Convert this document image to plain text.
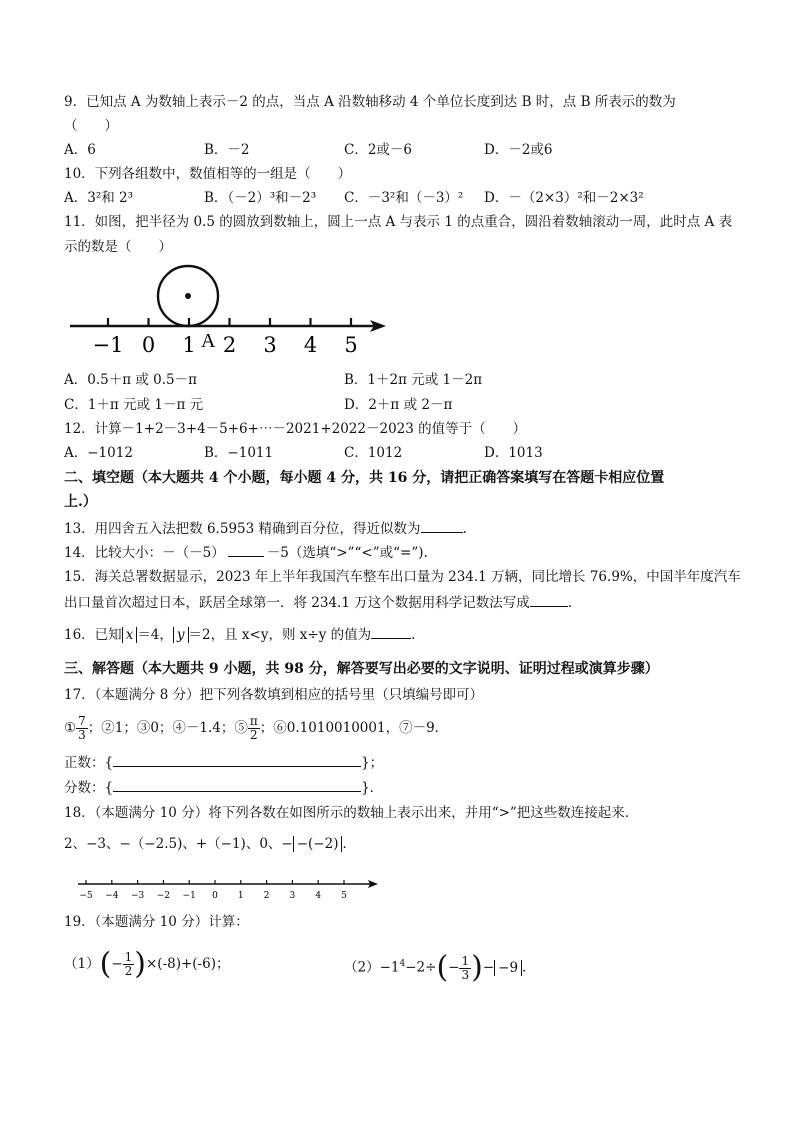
9．已知点 A 为数轴上表示－2 的点，当点 A 沿数轴移动 4 个单位长度到达 B 时，点 B 所表示的数为
（　　）
A．6	B．－2	C．2或－6	D．－2或6
10．下列各组数中，数值相等的一组是（　　）
A．3²和 2³	B．（－2）³和－2³ C．－3²和（－3）² D．－（2×3）²和－2×3²
11．如图，把半径为 0.5 的圆放到数轴上，圆上一点 A 与表示 1 的点重合，圆沿着数轴滚动一周，此时点 A 表
示的数是（　　）
−1 0 1 2 3 4 5
A
A．0.5＋π 或 0.5－π	B．1＋2π 元或 1－2π
C．1＋π 元或 1－π 元	D．2＋π 或 2－π
12．计算－1+2－3+4－5+6+⋯－2021+2022－2023 的值等于（　　）
A．−1012	B．−1011	C．1012	D．1013
二、填空题（本大题共 4 个小题，每小题 4 分，共 16 分，请把正确答案填写在答题卡相应位置
上.）
13．用四舍五入法把数 6.5953 精确到百分位，得近似数为	.
14．比较大小：－（－5）	－5（选填“>”“<”或“=”).
15．海关总署数据显示，2023 年上半年我国汽车整车出口量为 234.1 万辆，同比增长 76.9%，中国半年度汽车
出口量首次超过日本，跃居全球第一．将 234.1 万这个数据用科学记数法写成	.
16．已知 x ＝4， y ＝2，且 x<y，则 x÷y 的值为	.
三、解答题（本大题共 9 小题，共 98 分，解答要写出必要的文字说明、证明过程或演算步骤）
17．（本题满分 8 分）把下列各数填到相应的括号里（只填编号即可）
① $\frac{7}{3}$ ；②1；③0；④－1.4；⑤ $\frac{\pi}{2}$ ；⑥0.1010010001，⑦－9．
正数：{	}；
分数：{	}．
18．（本题满分 10 分）将下列各数在如图所示的数轴上表示出来，并用“>”把这些数连接起来．
2、−3、−（−2.5)、+（−1)、0、− −(−2) ．
−5 −4 −3 −2 −1 0 1 2 3 4 5
19．（本题满分 10 分）计算：
$(1)(- \frac{1}{2} )\times(-8)+(-6)$；	$(2)-1^4-2\div(- \frac{1}{3}$ )− −9 ．
